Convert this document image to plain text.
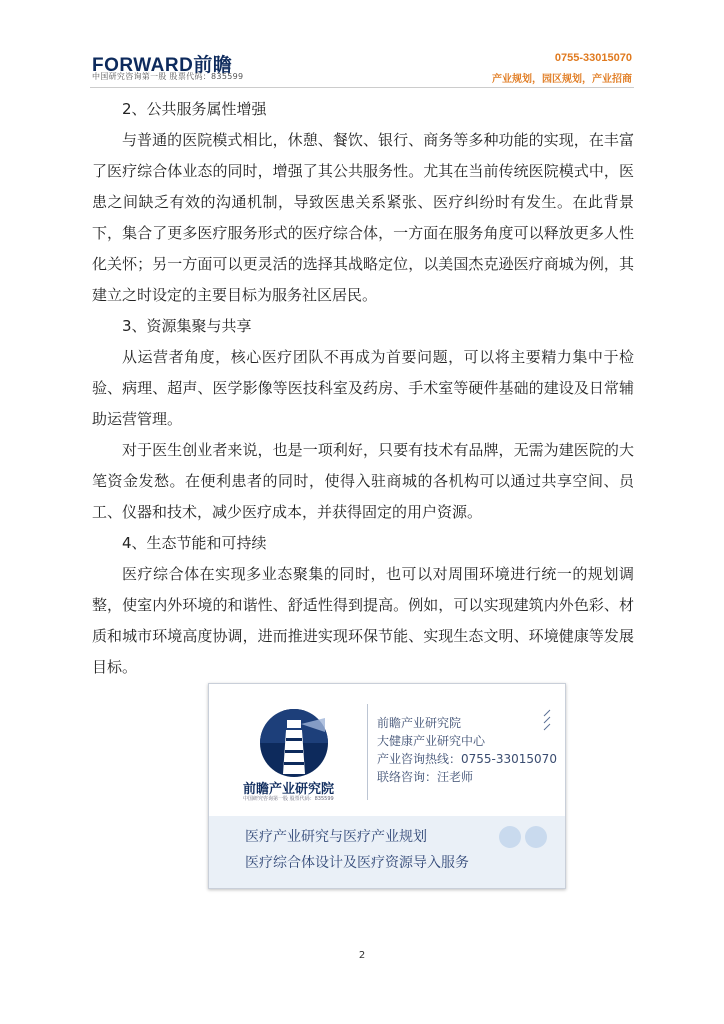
FORWARD前瞻
中国研究咨询第一股 股票代码：835599
0755-33015070
产业规划，园区规划，产业招商

2、公共服务属性增强

与普通的医院模式相比，休憩、餐饮、银行、商务等多种功能的实现，在丰富了医疗综合体业态的同时，增强了其公共服务性。尤其在当前传统医院模式中，医患之间缺乏有效的沟通机制，导致医患关系紧张、医疗纠纷时有发生。在此背景下，集合了更多医疗服务形式的医疗综合体，一方面在服务角度可以释放更多人性化关怀；另一方面可以更灵活的选择其战略定位，以美国杰克逊医疗商城为例，其建立之时设定的主要目标为服务社区居民。

3、资源集聚与共享

从运营者角度，核心医疗团队不再成为首要问题，可以将主要精力集中于检验、病理、超声、医学影像等医技科室及药房、手术室等硬件基础的建设及日常辅助运营管理。

对于医生创业者来说，也是一项利好，只要有技术有品牌，无需为建医院的大笔资金发愁。在便利患者的同时，使得入驻商城的各机构可以通过共享空间、员工、仪器和技术，减少医疗成本，并获得固定的用户资源。

4、生态节能和可持续

医疗综合体在实现多业态聚集的同时，也可以对周围环境进行统一的规划调整，使室内外环境的和谐性、舒适性得到提高。例如，可以实现建筑内外色彩、材质和城市环境高度协调，进而推进实现环保节能、实现生态文明、环境健康等发展目标。

前瞻产业研究院
中国研究咨询第一股 股票代码：835599
前瞻产业研究院
大健康产业研究中心
产业咨询热线：0755-33015070
联络咨询：汪老师
医疗产业研究与医疗产业规划
医疗综合体设计及医疗资源导入服务
2
